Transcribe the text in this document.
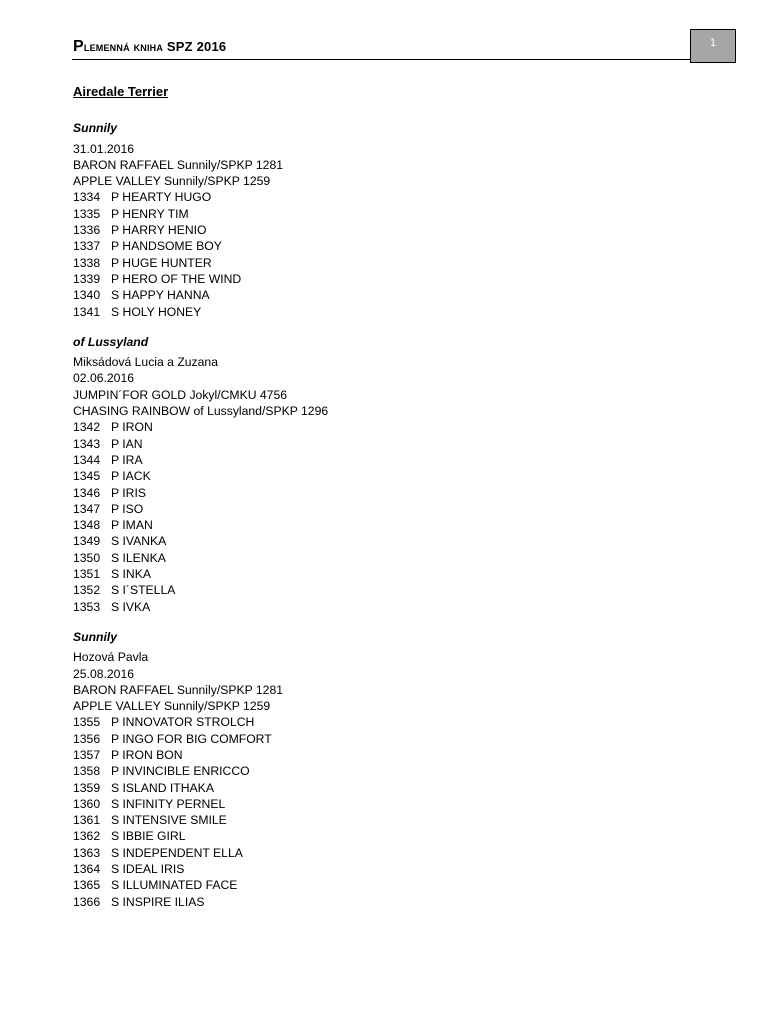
Plemenná kniha SPZ 2016	1
Airedale Terrier
Sunnily
31.01.2016
BARON RAFFAEL Sunnily/SPKP 1281
APPLE VALLEY Sunnily/SPKP 1259
1334 P HEARTY HUGO
1335 P HENRY TIM
1336 P HARRY HENIO
1337 P HANDSOME BOY
1338 P HUGE HUNTER
1339 P HERO OF THE WIND
1340 S HAPPY HANNA
1341 S HOLY HONEY
of Lussyland
Miksádová Lucia a Zuzana
02.06.2016
JUMPIN´FOR GOLD Jokyl/CMKU 4756
CHASING RAINBOW of Lussyland/SPKP 1296
1342 P IRON
1343 P IAN
1344 P IRA
1345 P IACK
1346 P IRIS
1347 P ISO
1348 P IMAN
1349 S IVANKA
1350 S ILENKA
1351 S INKA
1352 S I´STELLA
1353 S IVKA
Sunnily
Hozová Pavla
25.08.2016
BARON RAFFAEL Sunnily/SPKP 1281
APPLE VALLEY Sunnily/SPKP 1259
1355 P INNOVATOR STROLCH
1356 P INGO FOR BIG COMFORT
1357 P IRON BON
1358 P INVINCIBLE ENRICCO
1359 S ISLAND ITHAKA
1360 S INFINITY PERNEL
1361 S INTENSIVE SMILE
1362 S IBBIE GIRL
1363 S INDEPENDENT ELLA
1364 S IDEAL IRIS
1365 S ILLUMINATED FACE
1366 S INSPIRE ILIAS
